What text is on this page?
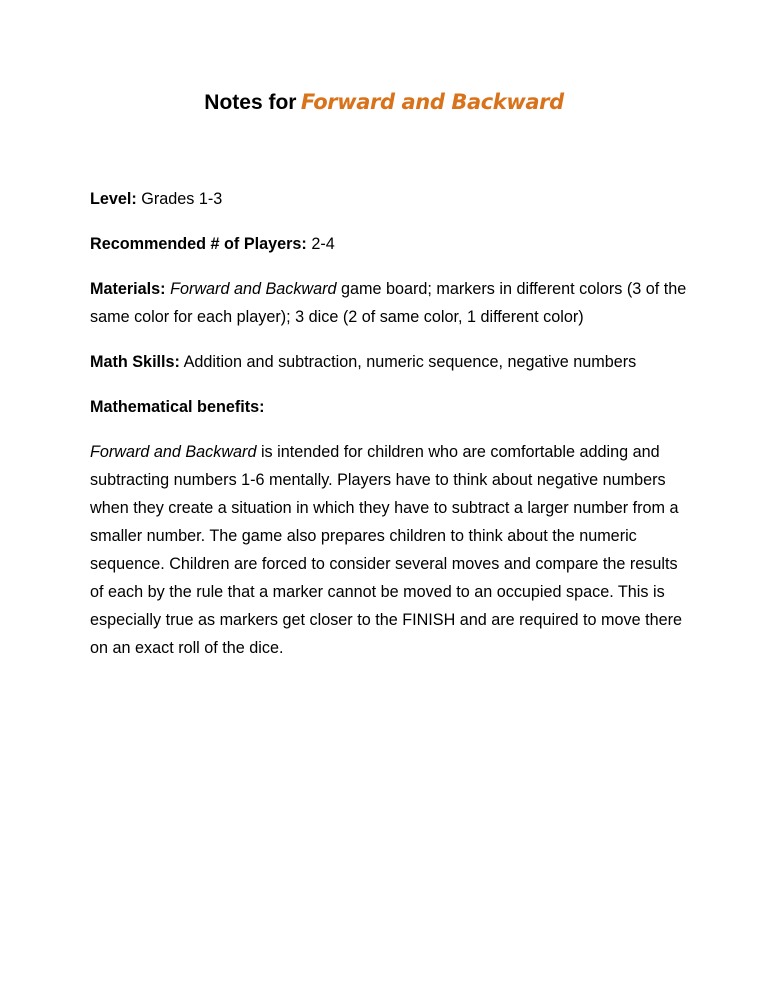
Notes for Forward and Backward

Level: Grades 1-3

Recommended # of Players: 2-4

Materials: Forward and Backward game board; markers in different colors (3 of the same color for each player); 3 dice (2 of same color, 1 different color)

Math Skills: Addition and subtraction, numeric sequence, negative numbers

Mathematical benefits:

Forward and Backward is intended for children who are comfortable adding and subtracting numbers 1-6 mentally. Players have to think about negative numbers when they create a situation in which they have to subtract a larger number from a smaller number. The game also prepares children to think about the numeric sequence. Children are forced to consider several moves and compare the results of each by the rule that a marker cannot be moved to an occupied space. This is especially true as markers get closer to the FINISH and are required to move there on an exact roll of the dice.
